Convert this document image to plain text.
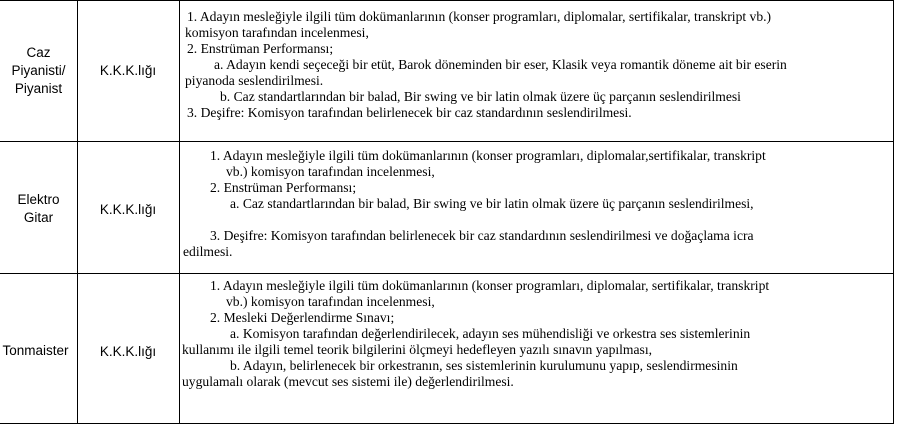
Caz
Piyanisti/
Piyanist
K.K.K.lığı
1. Adayın mesleğiyle ilgili tüm dokümanlarının (konser programları, diplomalar, sertifikalar, transkript vb.)
komisyon tarafından incelenmesi,
2. Enstrüman Performansı;
a. Adayın kendi seçeceği bir etüt, Barok döneminden bir eser, Klasik veya romantik döneme ait bir eserin
piyanoda seslendirilmesi.
b. Caz standartlarından bir balad, Bir swing ve bir latin olmak üzere üç parçanın seslendirilmesi
3. Deşifre: Komisyon tarafından belirlenecek bir caz standardının seslendirilmesi.
Elektro
Gitar
K.K.K.lığı
1. Adayın mesleğiyle ilgili tüm dokümanlarının (konser programları, diplomalar,sertifikalar, transkript
vb.) komisyon tarafından incelenmesi,
2. Enstrüman Performansı;
a. Caz standartlarından bir balad, Bir swing ve bir latin olmak üzere üç parçanın seslendirilmesi,
3. Deşifre: Komisyon tarafından belirlenecek bir caz standardının seslendirilmesi ve doğaçlama icra
edilmesi.
Tonmaister	K.K.K.lığı
1. Adayın mesleğiyle ilgili tüm dokümanlarının (konser programları, diplomalar, sertifikalar, transkript
vb.) komisyon tarafından incelenmesi,
2. Mesleki Değerlendirme Sınavı;
a. Komisyon tarafından değerlendirilecek, adayın ses mühendisliği ve orkestra ses sistemlerinin
kullanımı ile ilgili temel teorik bilgilerini ölçmeyi hedefleyen yazılı sınavın yapılması,
b. Adayın, belirlenecek bir orkestranın, ses sistemlerinin kurulumunu yapıp, seslendirmesinin
uygulamalı olarak (mevcut ses sistemi ile) değerlendirilmesi.
